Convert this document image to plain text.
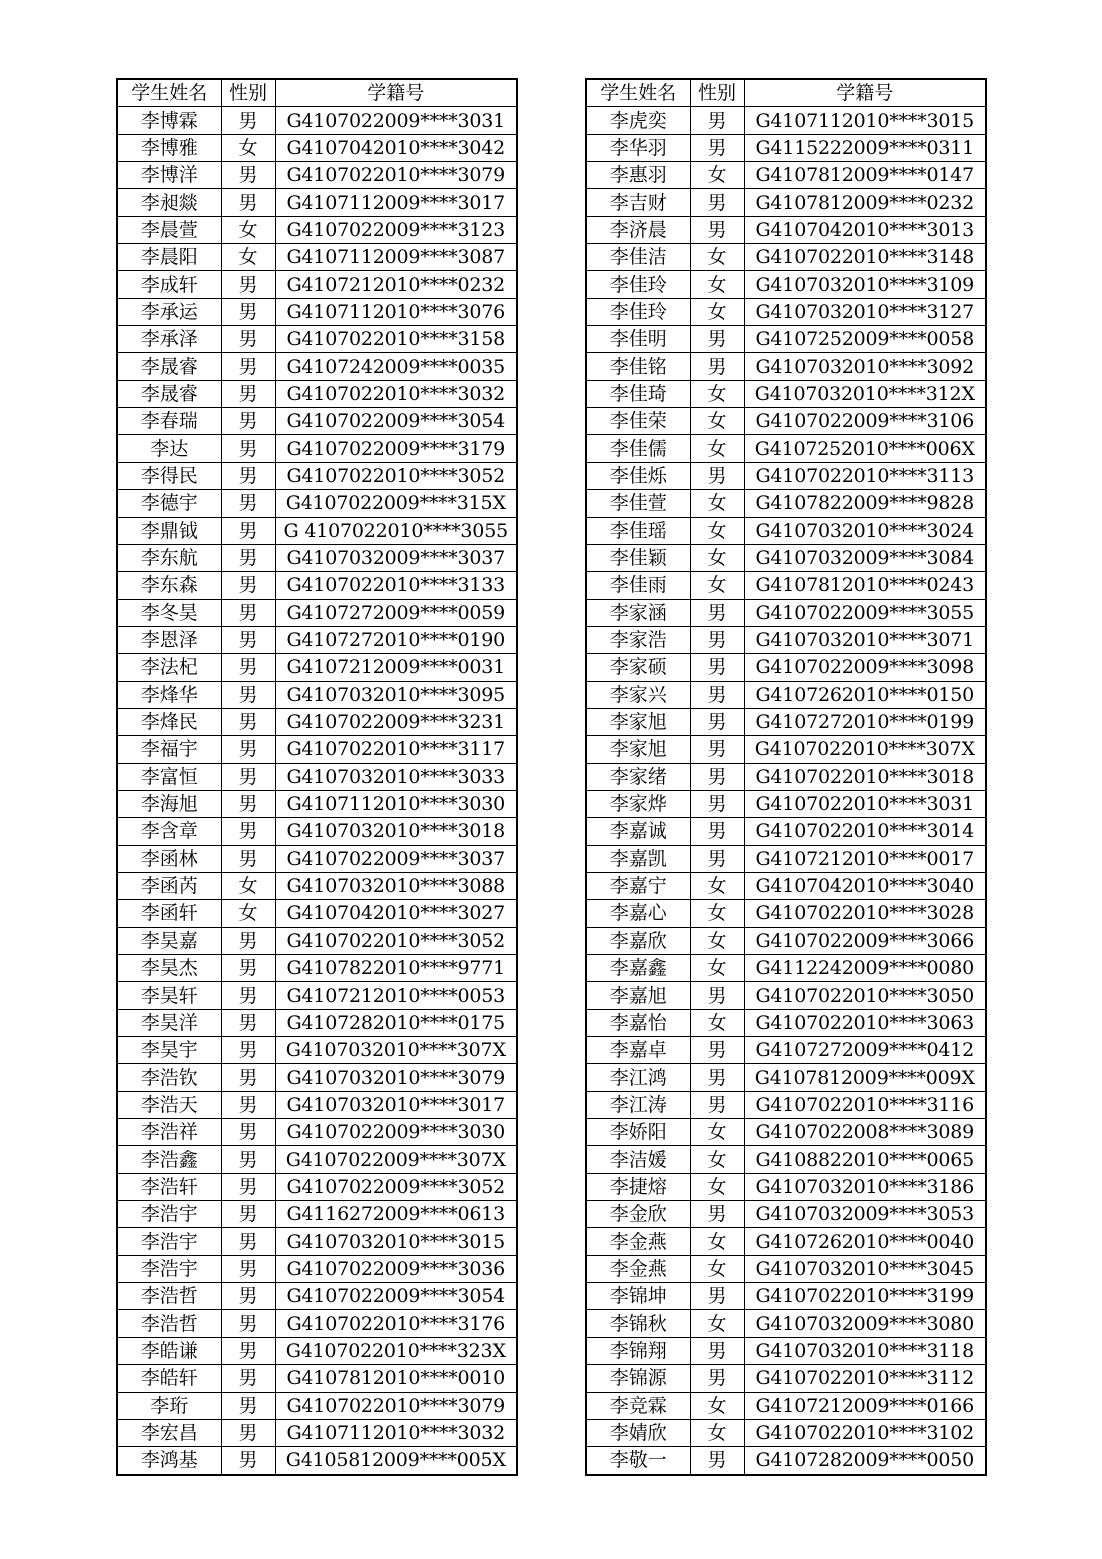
学生姓名	性别	学籍号
李博霖	男	G4107022009****3031
李博雅	女	G4107042010****3042
李博洋	男	G4107022010****3079
李昶燚	男	G4107112009****3017
李晨萱	女	G4107022009****3123
李晨阳	女	G4107112009****3087
李成轩	男	G4107212010****0232
李承运	男	G4107112010****3076
李承泽	男	G4107022010****3158
李晟睿	男	G4107242009****0035
李晟睿	男	G4107022010****3032
李春瑞	男	G4107022009****3054
李达	男	G4107022009****3179
李得民	男	G4107022010****3052
李德宇	男	G4107022009****315X
李鼎钺	男	G 4107022010****3055
李东航	男	G4107032009****3037
李东森	男	G4107022010****3133
李冬昊	男	G4107272009****0059
李恩泽	男	G4107272010****0190
李法杞	男	G4107212009****0031
李烽华	男	G4107032010****3095
李烽民	男	G4107022009****3231
李福宇	男	G4107022010****3117
李富恒	男	G4107032010****3033
李海旭	男	G4107112010****3030
李含章	男	G4107032010****3018
李函林	男	G4107022009****3037
李函芮	女	G4107032010****3088
李函轩	女	G4107042010****3027
李昊嘉	男	G4107022010****3052
李昊杰	男	G4107822010****9771
李昊轩	男	G4107212010****0053
李昊洋	男	G4107282010****0175
李昊宇	男	G4107032010****307X
李浩钦	男	G4107032010****3079
李浩天	男	G4107032010****3017
李浩祥	男	G4107022009****3030
李浩鑫	男	G4107022009****307X
李浩轩	男	G4107022009****3052
李浩宇	男	G4116272009****0613
李浩宇	男	G4107032010****3015
李浩宇	男	G4107022009****3036
李浩哲	男	G4107022009****3054
李浩哲	男	G4107022010****3176
李皓谦	男	G4107022010****323X
李皓轩	男	G4107812010****0010
李珩	男	G4107022010****3079
李宏昌	男	G4107112010****3032
李鸿基	男	G4105812009****005X
学生姓名	性别	学籍号
李虎奕	男	G4107112010****3015
李华羽	男	G4115222009****0311
李惠羽	女	G4107812009****0147
李吉财	男	G4107812009****0232
李济晨	男	G4107042010****3013
李佳洁	女	G4107022010****3148
李佳玲	女	G4107032010****3109
李佳玲	女	G4107032010****3127
李佳明	男	G4107252009****0058
李佳铭	男	G4107032010****3092
李佳琦	女	G4107032010****312X
李佳荣	女	G4107022009****3106
李佳儒	女	G4107252010****006X
李佳烁	男	G4107022010****3113
李佳萱	女	G4107822009****9828
李佳瑶	女	G4107032010****3024
李佳颖	女	G4107032009****3084
李佳雨	女	G4107812010****0243
李家涵	男	G4107022009****3055
李家浩	男	G4107032010****3071
李家硕	男	G4107022009****3098
李家兴	男	G4107262010****0150
李家旭	男	G4107272010****0199
李家旭	男	G4107022010****307X
李家绪	男	G4107022010****3018
李家烨	男	G4107022010****3031
李嘉诚	男	G4107022010****3014
李嘉凯	男	G4107212010****0017
李嘉宁	女	G4107042010****3040
李嘉心	女	G4107022010****3028
李嘉欣	女	G4107022009****3066
李嘉鑫	女	G4112242009****0080
李嘉旭	男	G4107022010****3050
李嘉怡	女	G4107022010****3063
李嘉卓	男	G4107272009****0412
李江鸿	男	G4107812009****009X
李江涛	男	G4107022010****3116
李娇阳	女	G4107022008****3089
李洁媛	女	G4108822010****0065
李捷熔	女	G4107032010****3186
李金欣	男	G4107032009****3053
李金燕	女	G4107262010****0040
李金燕	女	G4107032010****3045
李锦坤	男	G4107022010****3199
李锦秋	女	G4107032009****3080
李锦翔	男	G4107032010****3118
李锦源	男	G4107022010****3112
李竞霖	女	G4107212009****0166
李婧欣	女	G4107022010****3102
李敬一	男	G4107282009****0050
